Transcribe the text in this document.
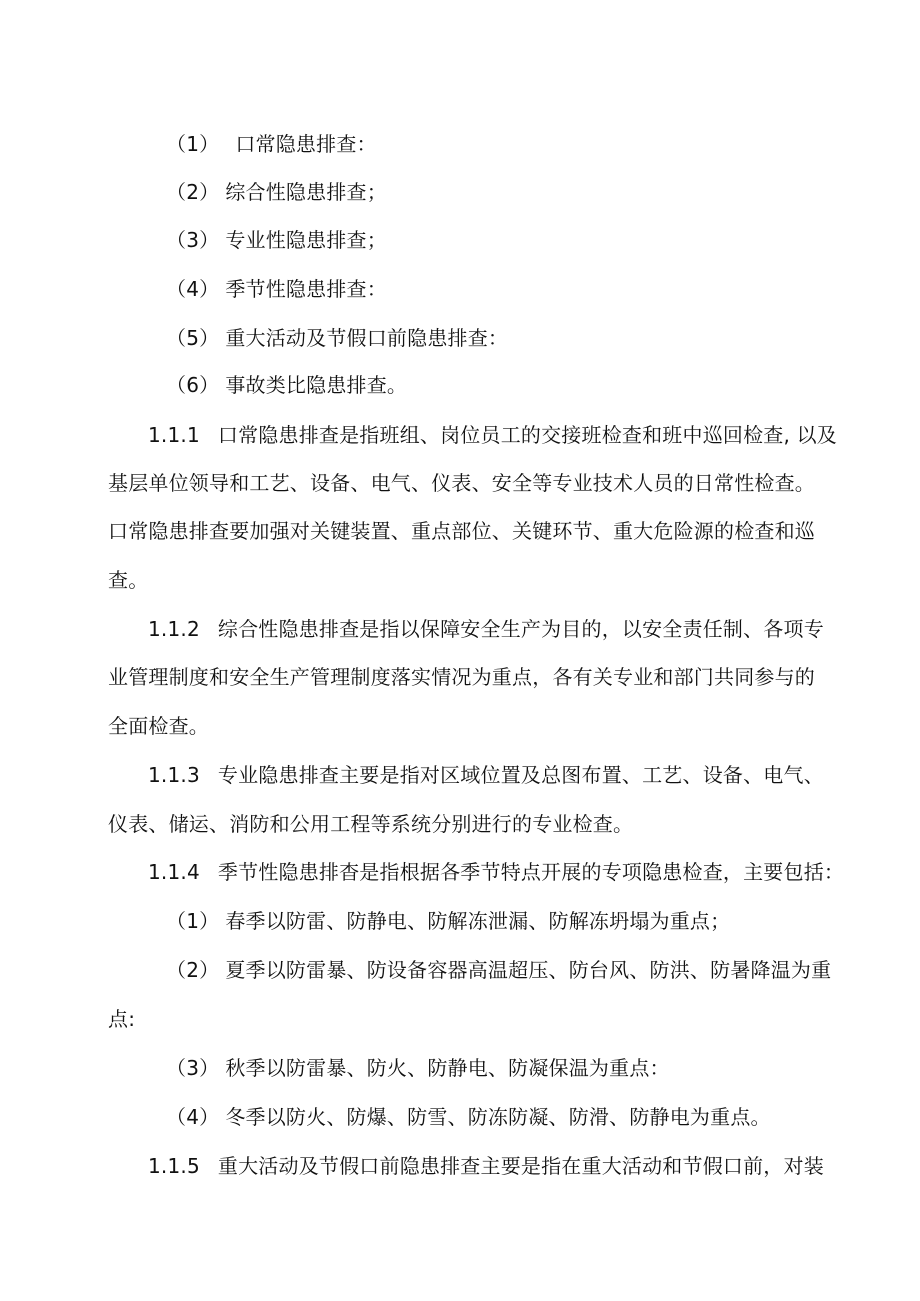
（1） 口常隐患排查：
（2） 综合性隐患排查；
（3） 专业性隐患排查；
（4） 季节性隐患排查：
（5） 重大活动及节假口前隐患排查：
（6） 事故类比隐患排查。
1.1.1 口常隐患排查是指班组、岗位员工的交接班检查和班中巡回检查, 以及
基层单位领导和工艺、设备、电气、仪表、安全等专业技术人员的日常性检查。
口常隐患排查要加强对关键装置、重点部位、关键环节、重大危险源的检查和巡
查。
1.1.2 综合性隐患排查是指以保障安全生产为目的，以安全责任制、各项专
业管理制度和安全生产管理制度落实情况为重点，各有关专业和部门共同参与的
全面检查。
1.1.3 专业隐患排查主要是指对区域位置及总图布置、工艺、设备、电气、
仪表、储运、消防和公用工程等系统分别进行的专业检查。
1.1.4 季节性隐患排杳是指根据各季节特点开展的专项隐患检查，主要包括：
（1） 春季以防雷、防静电、防解冻泄漏、防解冻坍塌为重点；
（2） 夏季以防雷暴、防设备容器高温超压、防台风、防洪、防暑降温为重
点:
（3） 秋季以防雷暴、防火、防静电、防凝保温为重点：
（4） 冬季以防火、防爆、防雪、防冻防凝、防滑、防静电为重点。
1.1.5 重大活动及节假口前隐患排查主要是指在重大活动和节假口前，对装
